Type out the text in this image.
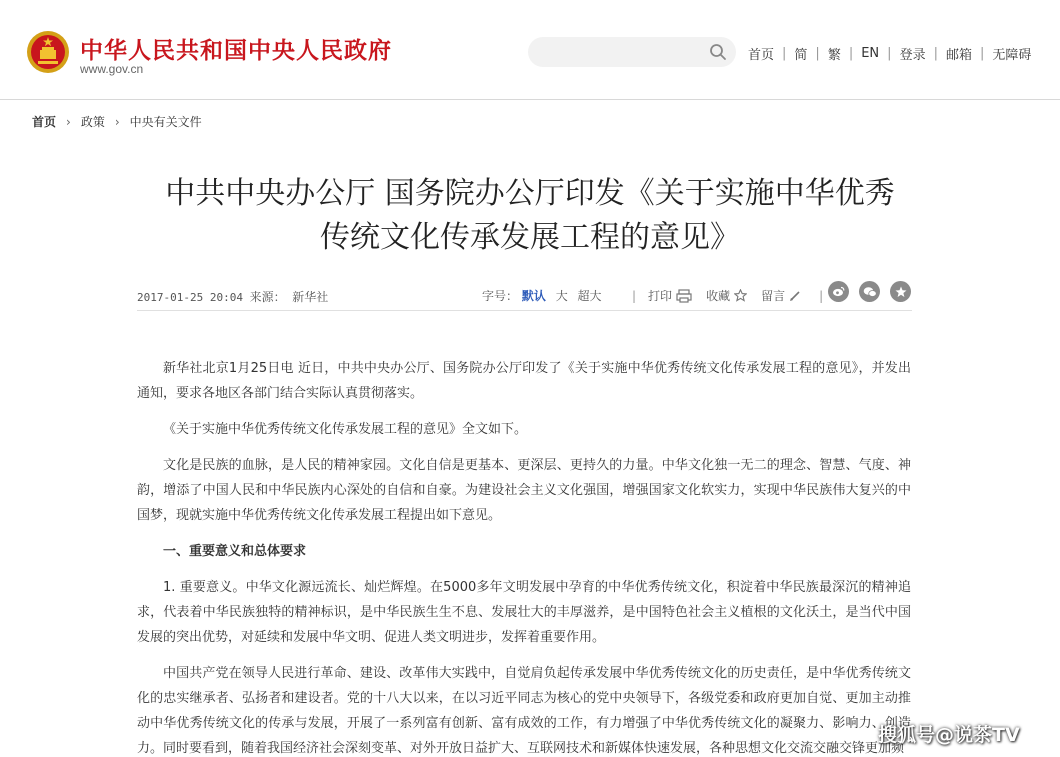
中华人民共和国中央人民政府
www.gov.cn
首页 | 简 | 繁 | EN | 登录 | 邮箱 | 无障碍
首页 › 政策 › 中央有关文件
中共中央办公厅 国务院办公厅印发《关于实施中华优秀
传统文化传承发展工程的意见》
2017-01-25 20:04 来源： 新华社	字号： 默认 大 超大	| 打印	收藏	留言	|

新华社北京1月25日电 近日，中共中央办公厅、国务院办公厅印发了《关于实施中华优秀传统文化传承发展工程的意见》，并发出通知，要求各地区各部门结合实际认真贯彻落实。

《关于实施中华优秀传统文化传承发展工程的意见》全文如下。

文化是民族的血脉，是人民的精神家园。文化自信是更基本、更深层、更持久的力量。中华文化独一无二的理念、智慧、气度、神韵，增添了中国人民和中华民族内心深处的自信和自豪。为建设社会主义文化强国，增强国家文化软实力，实现中华民族伟大复兴的中国梦，现就实施中华优秀传统文化传承发展工程提出如下意见。

一、重要意义和总体要求

1. 重要意义。中华文化源远流长、灿烂辉煌。在5000多年文明发展中孕育的中华优秀传统文化，积淀着中华民族最深沉的精神追求，代表着中华民族独特的精神标识，是中华民族生生不息、发展壮大的丰厚滋养，是中国特色社会主义植根的文化沃土，是当代中国发展的突出优势，对延续和发展中华文明、促进人类文明进步，发挥着重要作用。

中国共产党在领导人民进行革命、建设、改革伟大实践中，自觉肩负起传承发展中华优秀传统文化的历史责任，是中华优秀传统文化的忠实继承者、弘扬者和建设者。党的十八大以来，在以习近平同志为核心的党中央领导下，各级党委和政府更加自觉、更加主动推动中华优秀传统文化的传承与发展，开展了一系列富有创新、富有成效的工作，有力增强了中华优秀传统文化的凝聚力、影响力、创造力。同时要看到，随着我国经济社会深刻变革、对外开放日益扩大、互联网技术和新媒体快速发展，各种思想文化交流交融交锋更加频

搜狐号@说茶TV
